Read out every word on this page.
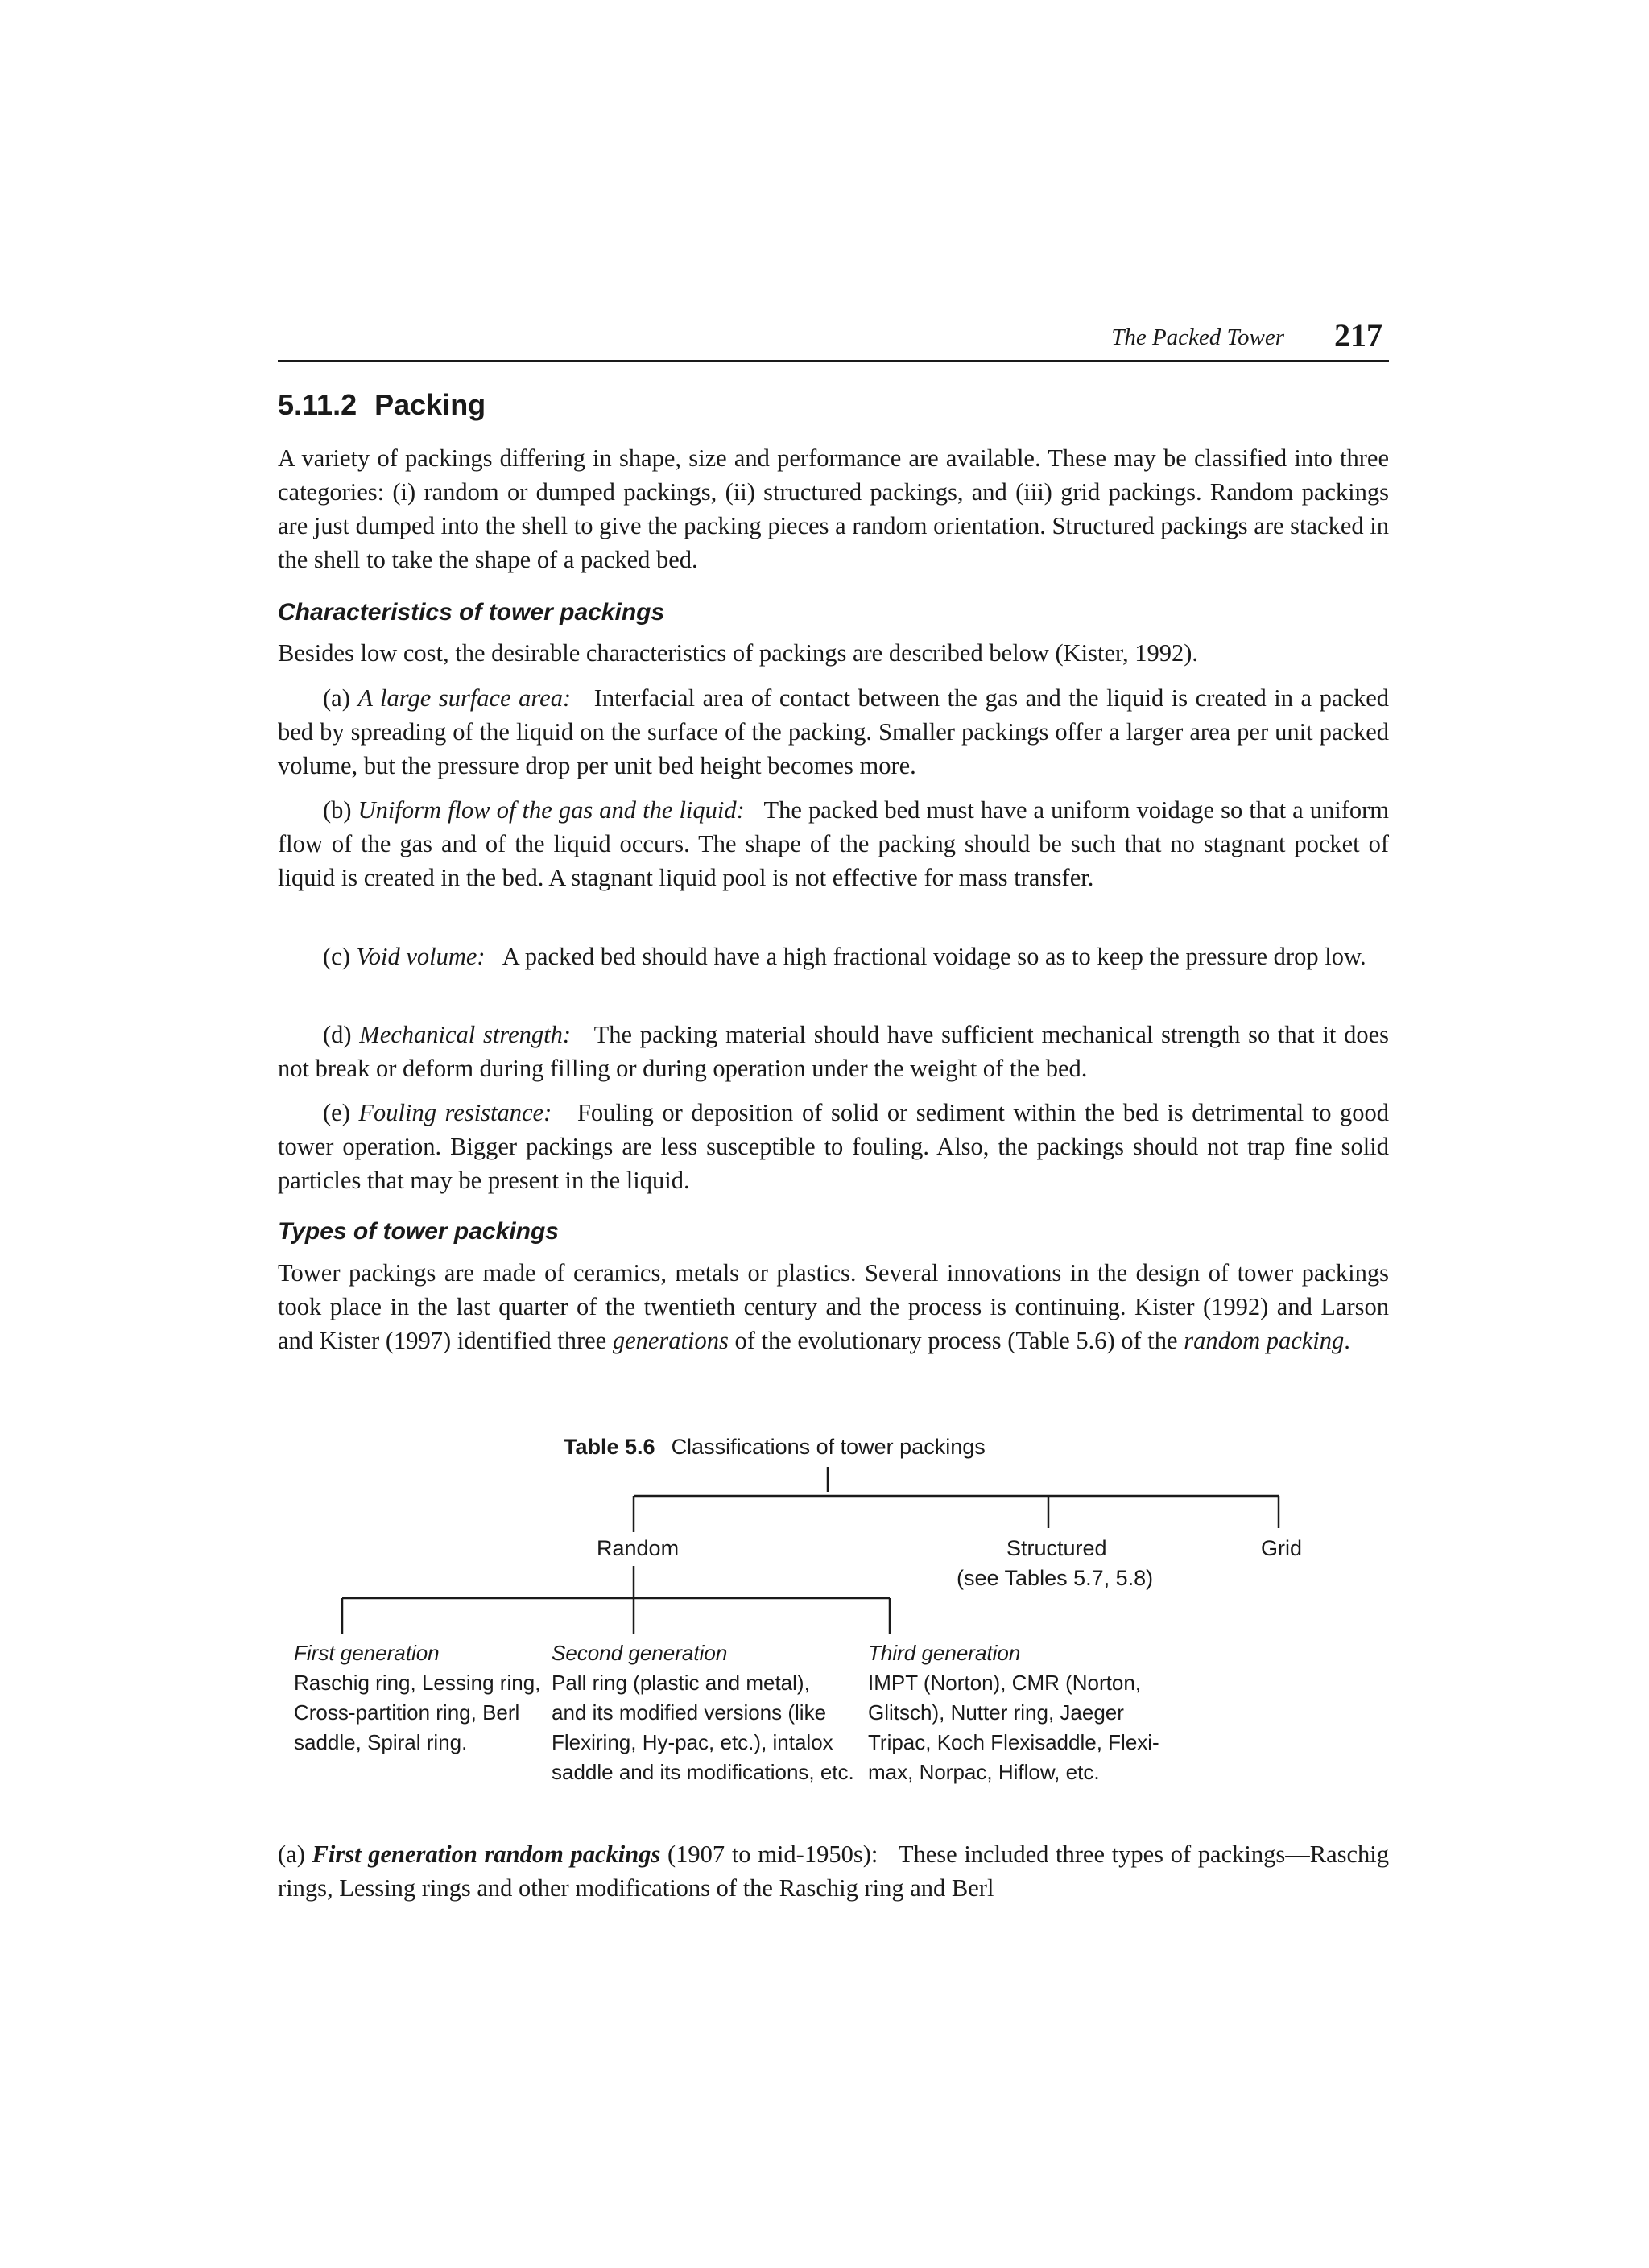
The Packed Tower 217
5.11.2 Packing

A variety of packings differing in shape, size and performance are available. These may be classified into three categories: (i) random or dumped packings, (ii) structured packings, and (iii) grid packings. Random packings are just dumped into the shell to give the packing pieces a random orientation. Structured packings are stacked in the shell to take the shape of a packed bed.

Characteristics of tower packings

Besides low cost, the desirable characteristics of packings are described below (Kister, 1992).

(a) A large surface area: Interfacial area of contact between the gas and the liquid is created in a packed bed by spreading of the liquid on the surface of the packing. Smaller packings offer a larger area per unit packed volume, but the pressure drop per unit bed height becomes more.

(b) Uniform flow of the gas and the liquid: The packed bed must have a uniform voidage so that a uniform flow of the gas and of the liquid occurs. The shape of the packing should be such that no stagnant pocket of liquid is created in the bed. A stagnant liquid pool is not effective for mass transfer.

(c) Void volume: A packed bed should have a high fractional voidage so as to keep the pressure drop low.

(d) Mechanical strength: The packing material should have sufficient mechanical strength so that it does not break or deform during filling or during operation under the weight of the bed.

(e) Fouling resistance: Fouling or deposition of solid or sediment within the bed is detrimental to good tower operation. Bigger packings are less susceptible to fouling. Also, the packings should not trap fine solid particles that may be present in the liquid.

Types of tower packings

Tower packings are made of ceramics, metals or plastics. Several innovations in the design of tower packings took place in the last quarter of the twentieth century and the process is continuing. Kister (1992) and Larson and Kister (1997) identified three generations of the evolutionary process (Table 5.6) of the random packing.

Table 5.6 Classifications of tower packings
Random	Structured
(see Tables 5.7, 5.8)
Grid
First generation
Raschig ring, Lessing ring,
Cross-partition ring, Berl
saddle, Spiral ring.
Second generation
Pall ring (plastic and metal),
and its modified versions (like
Flexiring, Hy-pac, etc.), intalox
saddle and its modifications, etc.
Third generation
IMPT (Norton), CMR (Norton,
Glitsch), Nutter ring, Jaeger
Tripac, Koch Flexisaddle, Flexi-
max, Norpac, Hiflow, etc.

(a) First generation random packings (1907 to mid-1950s): These included three types of packings—Raschig rings, Lessing rings and other modifications of the Raschig ring and Berl
